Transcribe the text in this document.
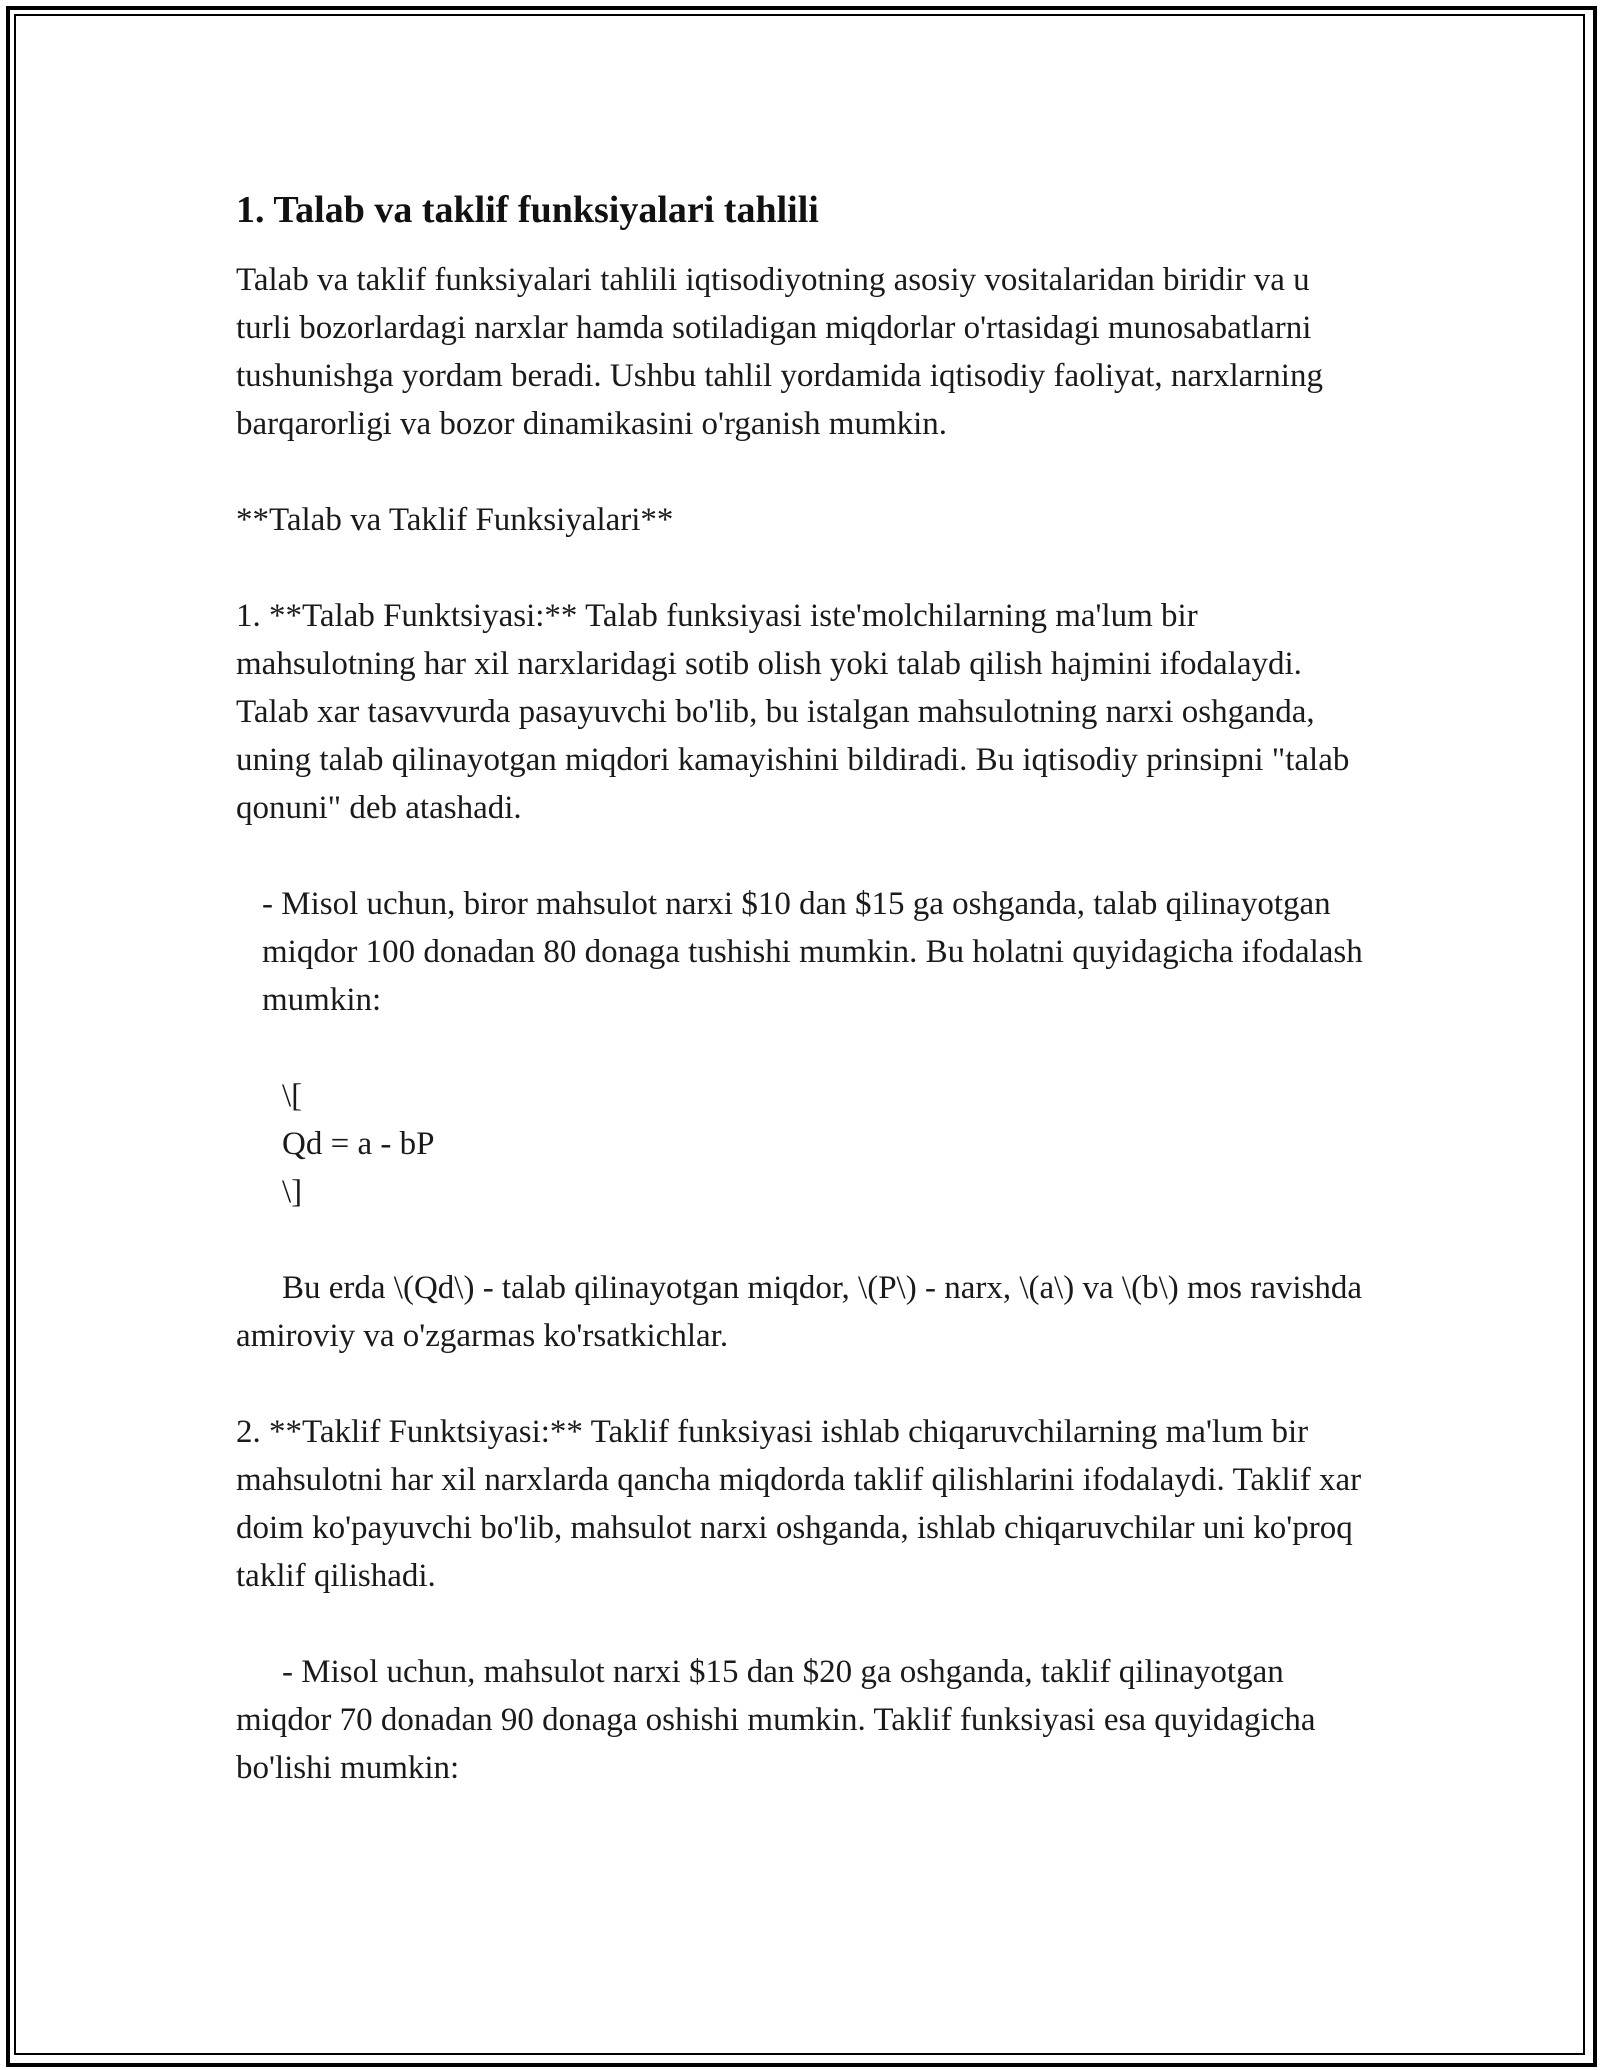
1. Talab va taklif funksiyalari tahlili

Talab va taklif funksiyalari tahlili iqtisodiyotning asosiy vositalaridan biridir va u turli bozorlardagi narxlar hamda sotiladigan miqdorlar o'rtasidagi munosabatlarni tushunishga yordam beradi. Ushbu tahlil yordamida iqtisodiy faoliyat, narxlarning barqarorligi va bozor dinamikasini o'rganish mumkin.

**Talab va Taklif Funksiyalari**

1. **Talab Funktsiyasi:** Talab funksiyasi iste'molchilarning ma'lum bir mahsulotning har xil narxlaridagi sotib olish yoki talab qilish hajmini ifodalaydi. Talab xar tasavvurda pasayuvchi bo'lib, bu istalgan mahsulotning narxi oshganda, uning talab qilinayotgan miqdori kamayishini bildiradi. Bu iqtisodiy prinsipni "talab qonuni" deb atashadi.

- Misol uchun, biror mahsulot narxi $10 dan $15 ga oshganda, talab qilinayotgan miqdor 100 donadan 80 donaga tushishi mumkin. Bu holatni quyidagicha ifodalash mumkin:

\[

Qd = a - bP

\]

Bu erda \(Qd\) - talab qilinayotgan miqdor, \(P\) - narx, \(a\) va \(b\) mos ravishda amiroviy va o'zgarmas ko'rsatkichlar.

2. **Taklif Funktsiyasi:** Taklif funksiyasi ishlab chiqaruvchilarning ma'lum bir mahsulotni har xil narxlarda qancha miqdorda taklif qilishlarini ifodalaydi. Taklif xar doim ko'payuvchi bo'lib, mahsulot narxi oshganda, ishlab chiqaruvchilar uni ko'proq taklif qilishadi.

- Misol uchun, mahsulot narxi $15 dan $20 ga oshganda, taklif qilinayotgan miqdor 70 donadan 90 donaga oshishi mumkin. Taklif funksiyasi esa quyidagicha bo'lishi mumkin:
